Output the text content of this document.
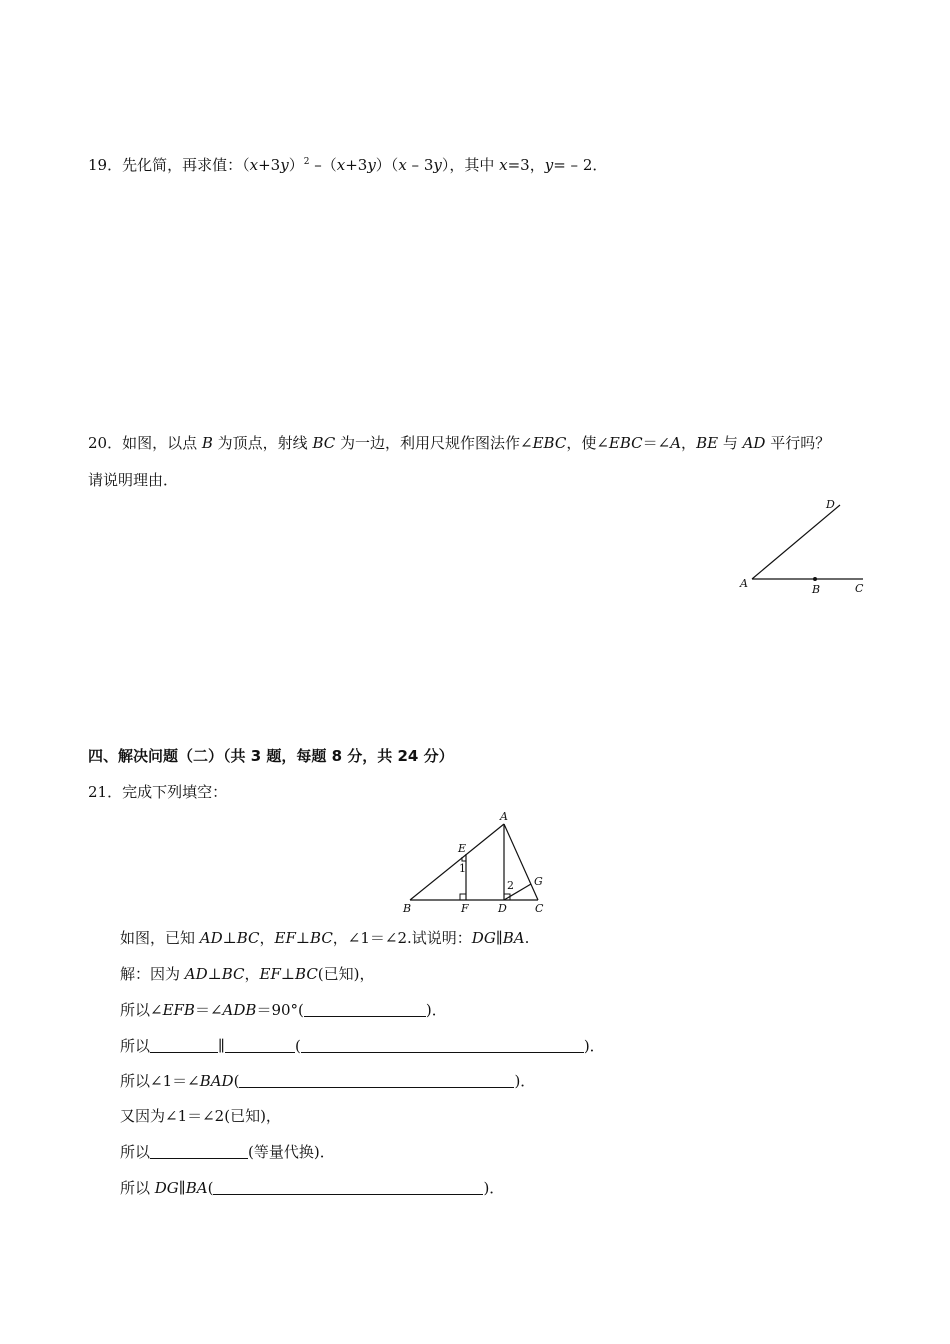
19．先化简，再求值：$(x+3y)^2$ –（x+3y）（x – 3y），其中 x=3，y= – 2．
20．如图，以点 B 为顶点，射线 BC 为一边，利用尺规作图法作∠EBC，使∠EBC＝∠A，BE 与 AD 平行吗？
请说明理由．
D
A	B	C
四、解决问题（二）（共 3 题，每题 8 分，共 24 分）
21．完成下列填空：
A
E
1
2 G
B	F	D	C
如图，已知 AD⊥BC，EF⊥BC，∠1＝∠2.试说明：DG∥BA.
解：因为 AD⊥BC，EF⊥BC(已知)，
所以∠EFB＝∠ADB＝90°(	)．
所以	∥	(	)．
所以∠1＝∠BAD(	)．
又因为∠1＝∠2(已知)，
所以	(等量代换)．
所以 DG∥BA(	)．
